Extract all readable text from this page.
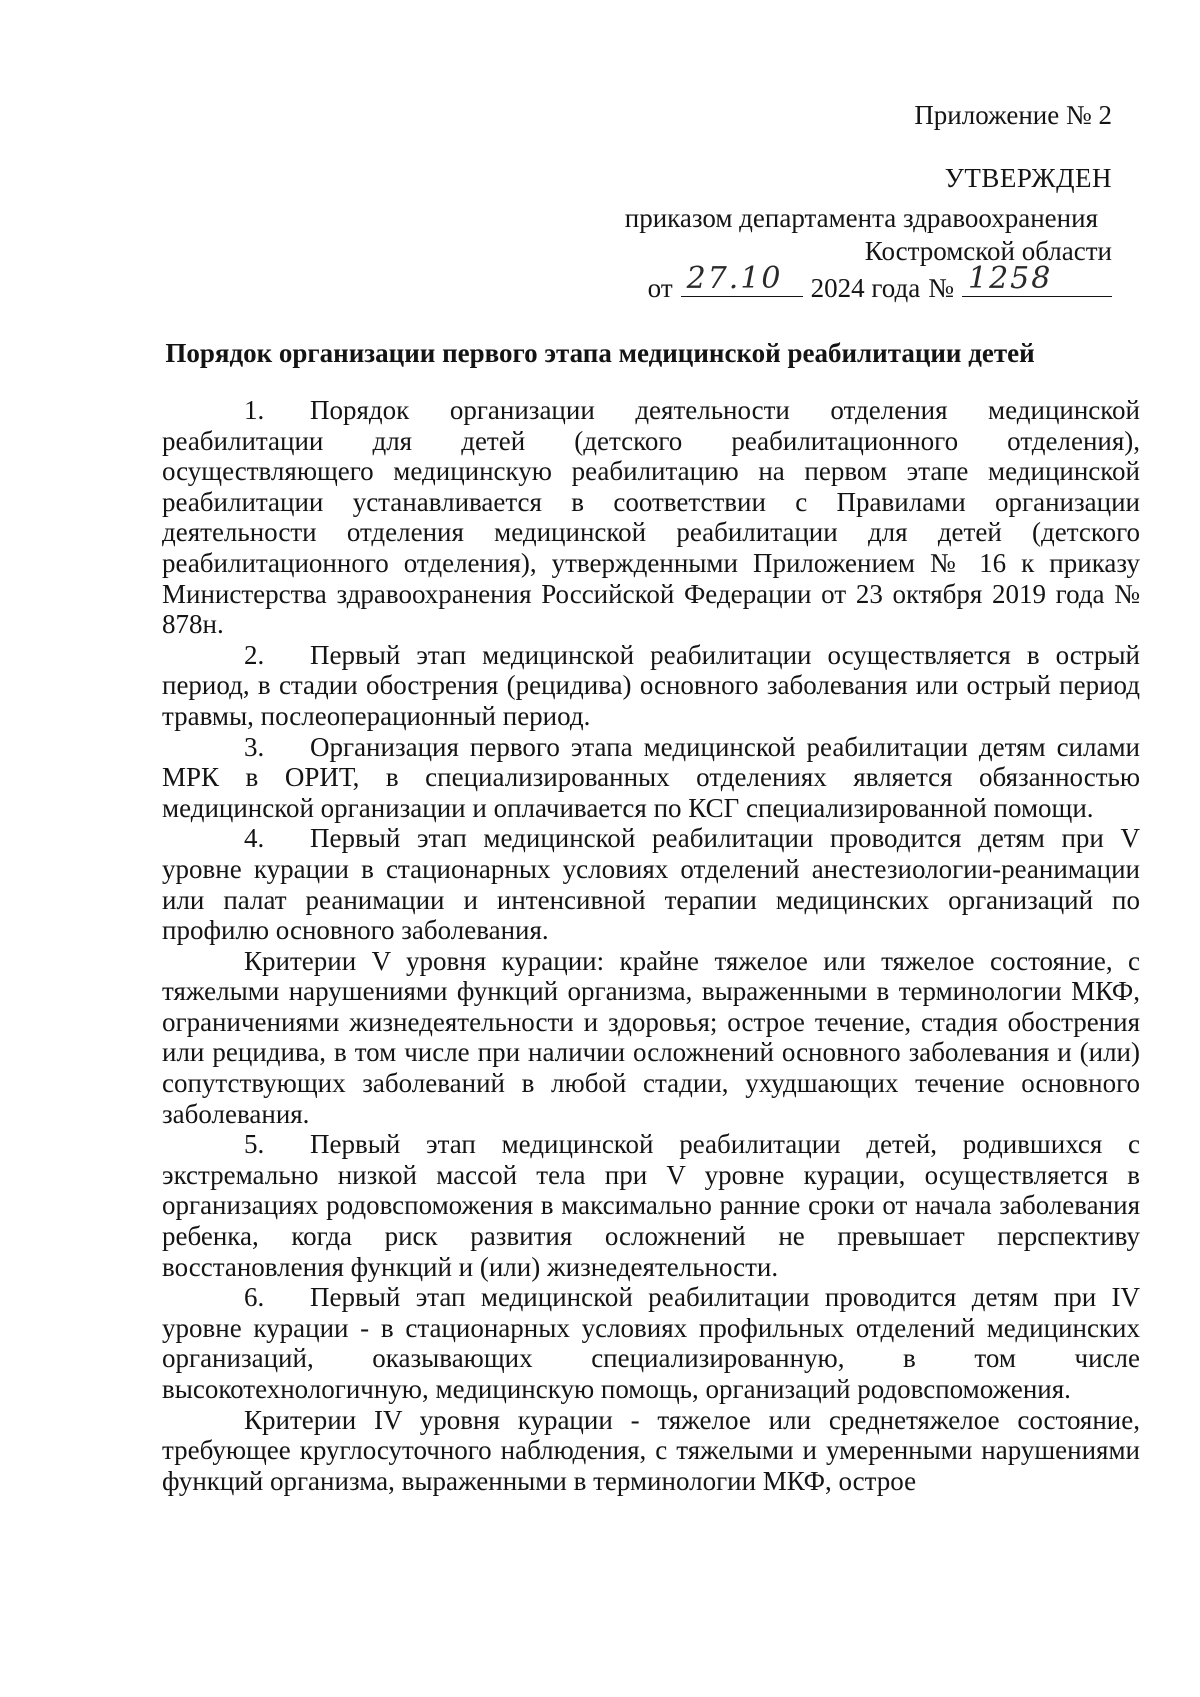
Приложение № 2
УТВЕРЖДЕН
приказом департамента здравоохранения
Костромской области
от 27.10 2024 года № 1258
Порядок организации первого этапа медицинской реабилитации детей

1. Порядок организации деятельности отделения медицинской реабилитации для детей (детского реабилитационного отделения), осуществляющего медицинскую реабилитацию на первом этапе медицинской реабилитации устанавливается в соответствии с Правилами организации деятельности отделения медицинской реабилитации для детей (детского реабилитационного отделения), утвержденными Приложением № 16 к приказу Министерства здравоохранения Российской Федерации от 23 октября 2019 года № 878н.

2. Первый этап медицинской реабилитации осуществляется в острый период, в стадии обострения (рецидива) основного заболевания или острый период травмы, послеоперационный период.

3. Организация первого этапа медицинской реабилитации детям силами МРК в ОРИТ, в специализированных отделениях является обязанностью медицинской организации и оплачивается по КСГ специализированной помощи.

4. Первый этап медицинской реабилитации проводится детям при V уровне курации в стационарных условиях отделений анестезиологии-реанимации или палат реанимации и интенсивной терапии медицинских организаций по профилю основного заболевания.

Критерии V уровня курации: крайне тяжелое или тяжелое состояние, с тяжелыми нарушениями функций организма, выраженными в терминологии МКФ, ограничениями жизнедеятельности и здоровья; острое течение, стадия обострения или рецидива, в том числе при наличии осложнений основного заболевания и (или) сопутствующих заболеваний в любой стадии, ухудшающих течение основного заболевания.

5. Первый этап медицинской реабилитации детей, родившихся с экстремально низкой массой тела при V уровне курации, осуществляется в организациях родовспоможения в максимально ранние сроки от начала заболевания ребенка, когда риск развития осложнений не превышает перспективу восстановления функций и (или) жизнедеятельности.

6. Первый этап медицинской реабилитации проводится детям при IV уровне курации - в стационарных условиях профильных отделений медицинских организаций, оказывающих специализированную, в том числе высокотехнологичную, медицинскую помощь, организаций родовспоможения.

Критерии IV уровня курации - тяжелое или среднетяжелое состояние, требующее круглосуточного наблюдения, с тяжелыми и умеренными нарушениями функций организма, выраженными в терминологии МКФ, острое
